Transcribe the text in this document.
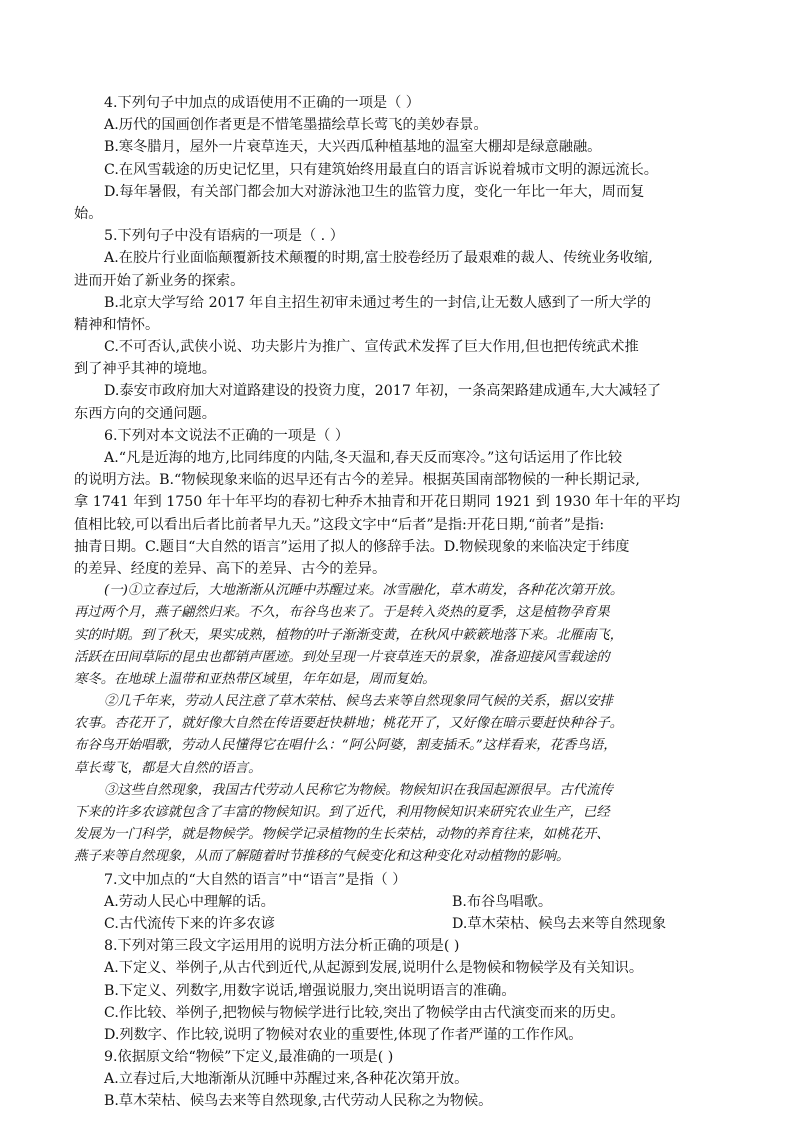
4.下列句子中加点的成语使用不正确的一项是（ ）
A.历代的国画创作者更是不惜笔墨描绘草长莺飞的美妙春景。
B.寒冬腊月，屋外一片衰草连天，大兴西瓜种植基地的温室大棚却是绿意融融。
C.在风雪载途的历史记忆里，只有建筑始终用最直白的语言诉说着城市文明的源远流长。
D.每年暑假，有关部门都会加大对游泳池卫生的监管力度，变化一年比一年大，周而复
始。
5.下列句子中没有语病的一项是（ . ）
A.在胶片行业面临颠覆新技术颠覆的时期,富士胶卷经历了最艰难的裁人、传统业务收缩,
进而开始了新业务的探索。
B.北京大学写给 2017 年自主招生初审未通过考生的一封信,让无数人感到了一所大学的
精神和情怀。
C.不可否认,武侠小说、功夫影片为推广、宣传武术发挥了巨大作用,但也把传统武术推
到了神乎其神的境地。
D.泰安市政府加大对道路建设的投资力度，2017 年初，一条高架路建成通车,大大减轻了
东西方向的交通问题。
6.下列对本文说法不正确的一项是（ ）
A.“凡是近海的地方,比同纬度的内陆,冬天温和,春天反而寒冷。”这句话运用了作比较
的说明方法。B.“物候现象来临的迟早还有古今的差异。根据英国南部物候的一种长期记录,
拿 1741 年到 1750 年十年平均的春初七种乔木抽青和开花日期同 1921 到 1930 年十年的平均
值相比较,可以看出后者比前者早九天。”这段文字中“后者”是指:开花日期,“前者”是指:
抽青日期。C.题目“大自然的语言”运用了拟人的修辞手法。D.物候现象的来临决定于纬度
的差异、经度的差异、高下的差异、古今的差异。
(一)①立春过后，大地渐渐从沉睡中苏醒过来。冰雪融化，草木萌发，各种花次第开放。
再过两个月，燕子翩然归来。不久，布谷鸟也来了。于是转入炎热的夏季，这是植物孕育果
实的时期。到了秋天，果实成熟，植物的叶子渐渐变黄，在秋风中簌簌地落下来。北雁南飞，
活跃在田间草际的昆虫也都销声匿迹。到处呈现一片衰草连天的景象，准备迎接风雪载途的
寒冬。在地球上温带和亚热带区域里，年年如是，周而复始。
②几千年来，劳动人民注意了草木荣枯、候鸟去来等自然现象同气候的关系，据以安排
农事。杏花开了，就好像大自然在传语要赶快耕地；桃花开了，又好像在暗示要赶快种谷子。
布谷鸟开始唱歌，劳动人民懂得它在唱什么：“阿公阿婆，割麦插禾。”这样看来，花香鸟语，
草长莺飞，都是大自然的语言。
③这些自然现象，我国古代劳动人民称它为物候。物候知识在我国起源很早。古代流传
下来的许多农谚就包含了丰富的物候知识。到了近代，利用物候知识来研究农业生产，已经
发展为一门科学，就是物候学。物候学记录植物的生长荣枯，动物的养育往来，如桃花开、
燕子来等自然现象，从而了解随着时节推移的气候变化和这种变化对动植物的影响。
7.文中加点的“大自然的语言”中“语言”是指（ ）
A.劳动人民心中理解的话。	B.布谷鸟唱歌。
C.古代流传下来的许多农谚	D.草木荣枯、候鸟去来等自然现象
8.下列对第三段文字运用用的说明方法分析正确的项是( )
A.下定义、举例子,从古代到近代,从起源到发展,说明什么是物候和物候学及有关知识。
B.下定义、列数字,用数字说话,增强说服力,突出说明语言的准确。
C.作比较、举例子,把物候与物候学进行比较,突出了物候学由古代演变而来的历史。
D.列数字、作比较,说明了物候对农业的重要性,体现了作者严谨的工作作风。
9.依据原文给“物候”下定义,最准确的一项是( )
A.立春过后,大地渐渐从沉睡中苏醒过来,各种花次第开放。
B.草木荣枯、候鸟去来等自然现象,古代劳动人民称之为物候。
